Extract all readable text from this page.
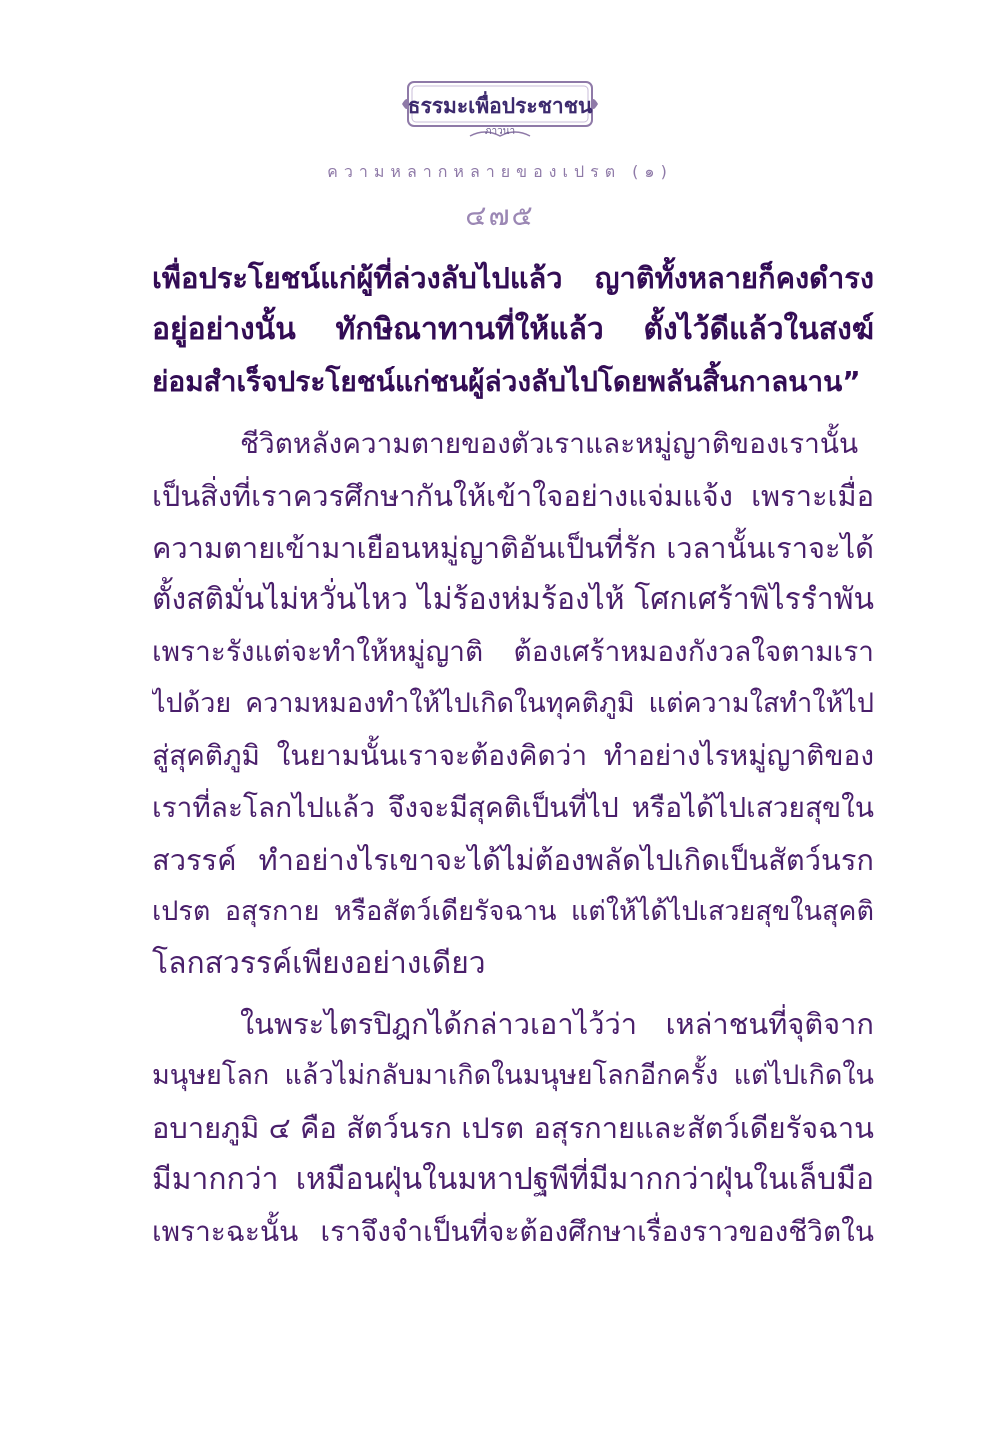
ธรรมะเพื่อประชาชน
ภาวนา
ความหลากหลายของเปรต (๑)
๔๗๕
เพื่อประโยชน์แก่ผู้ที่ล่วงลับไปแล้ว ญาติทั้งหลายก็คงดำรง
อยู่อย่างนั้น ทักษิณาทานที่ให้แล้ว ตั้งไว้ดีแล้วในสงฆ์
ย่อมสำเร็จประโยชน์แก่ชนผู้ล่วงลับไปโดยพลันสิ้นกาลนาน”
ชีวิตหลังความตายของตัวเราและหมู่ญาติของเรานั้น
เป็นสิ่งที่เราควรศึกษากันให้เข้าใจอย่างแจ่มแจ้ง เพราะเมื่อ
ความตายเข้ามาเยือนหมู่ญาติอันเป็นที่รัก เวลานั้นเราจะได้
ตั้งสติมั่นไม่หวั่นไหว ไม่ร้องห่มร้องไห้ โศกเศร้าพิไรรำพัน
เพราะรังแต่จะทำให้หมู่ญาติ ต้องเศร้าหมองกังวลใจตามเรา
ไปด้วย ความหมองทำให้ไปเกิดในทุคติภูมิ แต่ความใสทำให้ไป
สู่สุคติภูมิ ในยามนั้นเราจะต้องคิดว่า ทำอย่างไรหมู่ญาติของ
เราที่ละโลกไปแล้ว จึงจะมีสุคติเป็นที่ไป หรือได้ไปเสวยสุขใน
สวรรค์ ทำอย่างไรเขาจะได้ไม่ต้องพลัดไปเกิดเป็นสัตว์นรก
เปรต อสุรกาย หรือสัตว์เดียรัจฉาน แต่ให้ได้ไปเสวยสุขในสุคติ
โลกสวรรค์เพียงอย่างเดียว
ในพระไตรปิฎกได้กล่าวเอาไว้ว่า เหล่าชนที่จุติจาก
มนุษยโลก แล้วไม่กลับมาเกิดในมนุษยโลกอีกครั้ง แต่ไปเกิดใน
อบายภูมิ ๔ คือ สัตว์นรก เปรต อสุรกายและสัตว์เดียรัจฉาน
มีมากกว่า เหมือนฝุ่นในมหาปฐพีที่มีมากกว่าฝุ่นในเล็บมือ
เพราะฉะนั้น เราจึงจำเป็นที่จะต้องศึกษาเรื่องราวของชีวิตใน
